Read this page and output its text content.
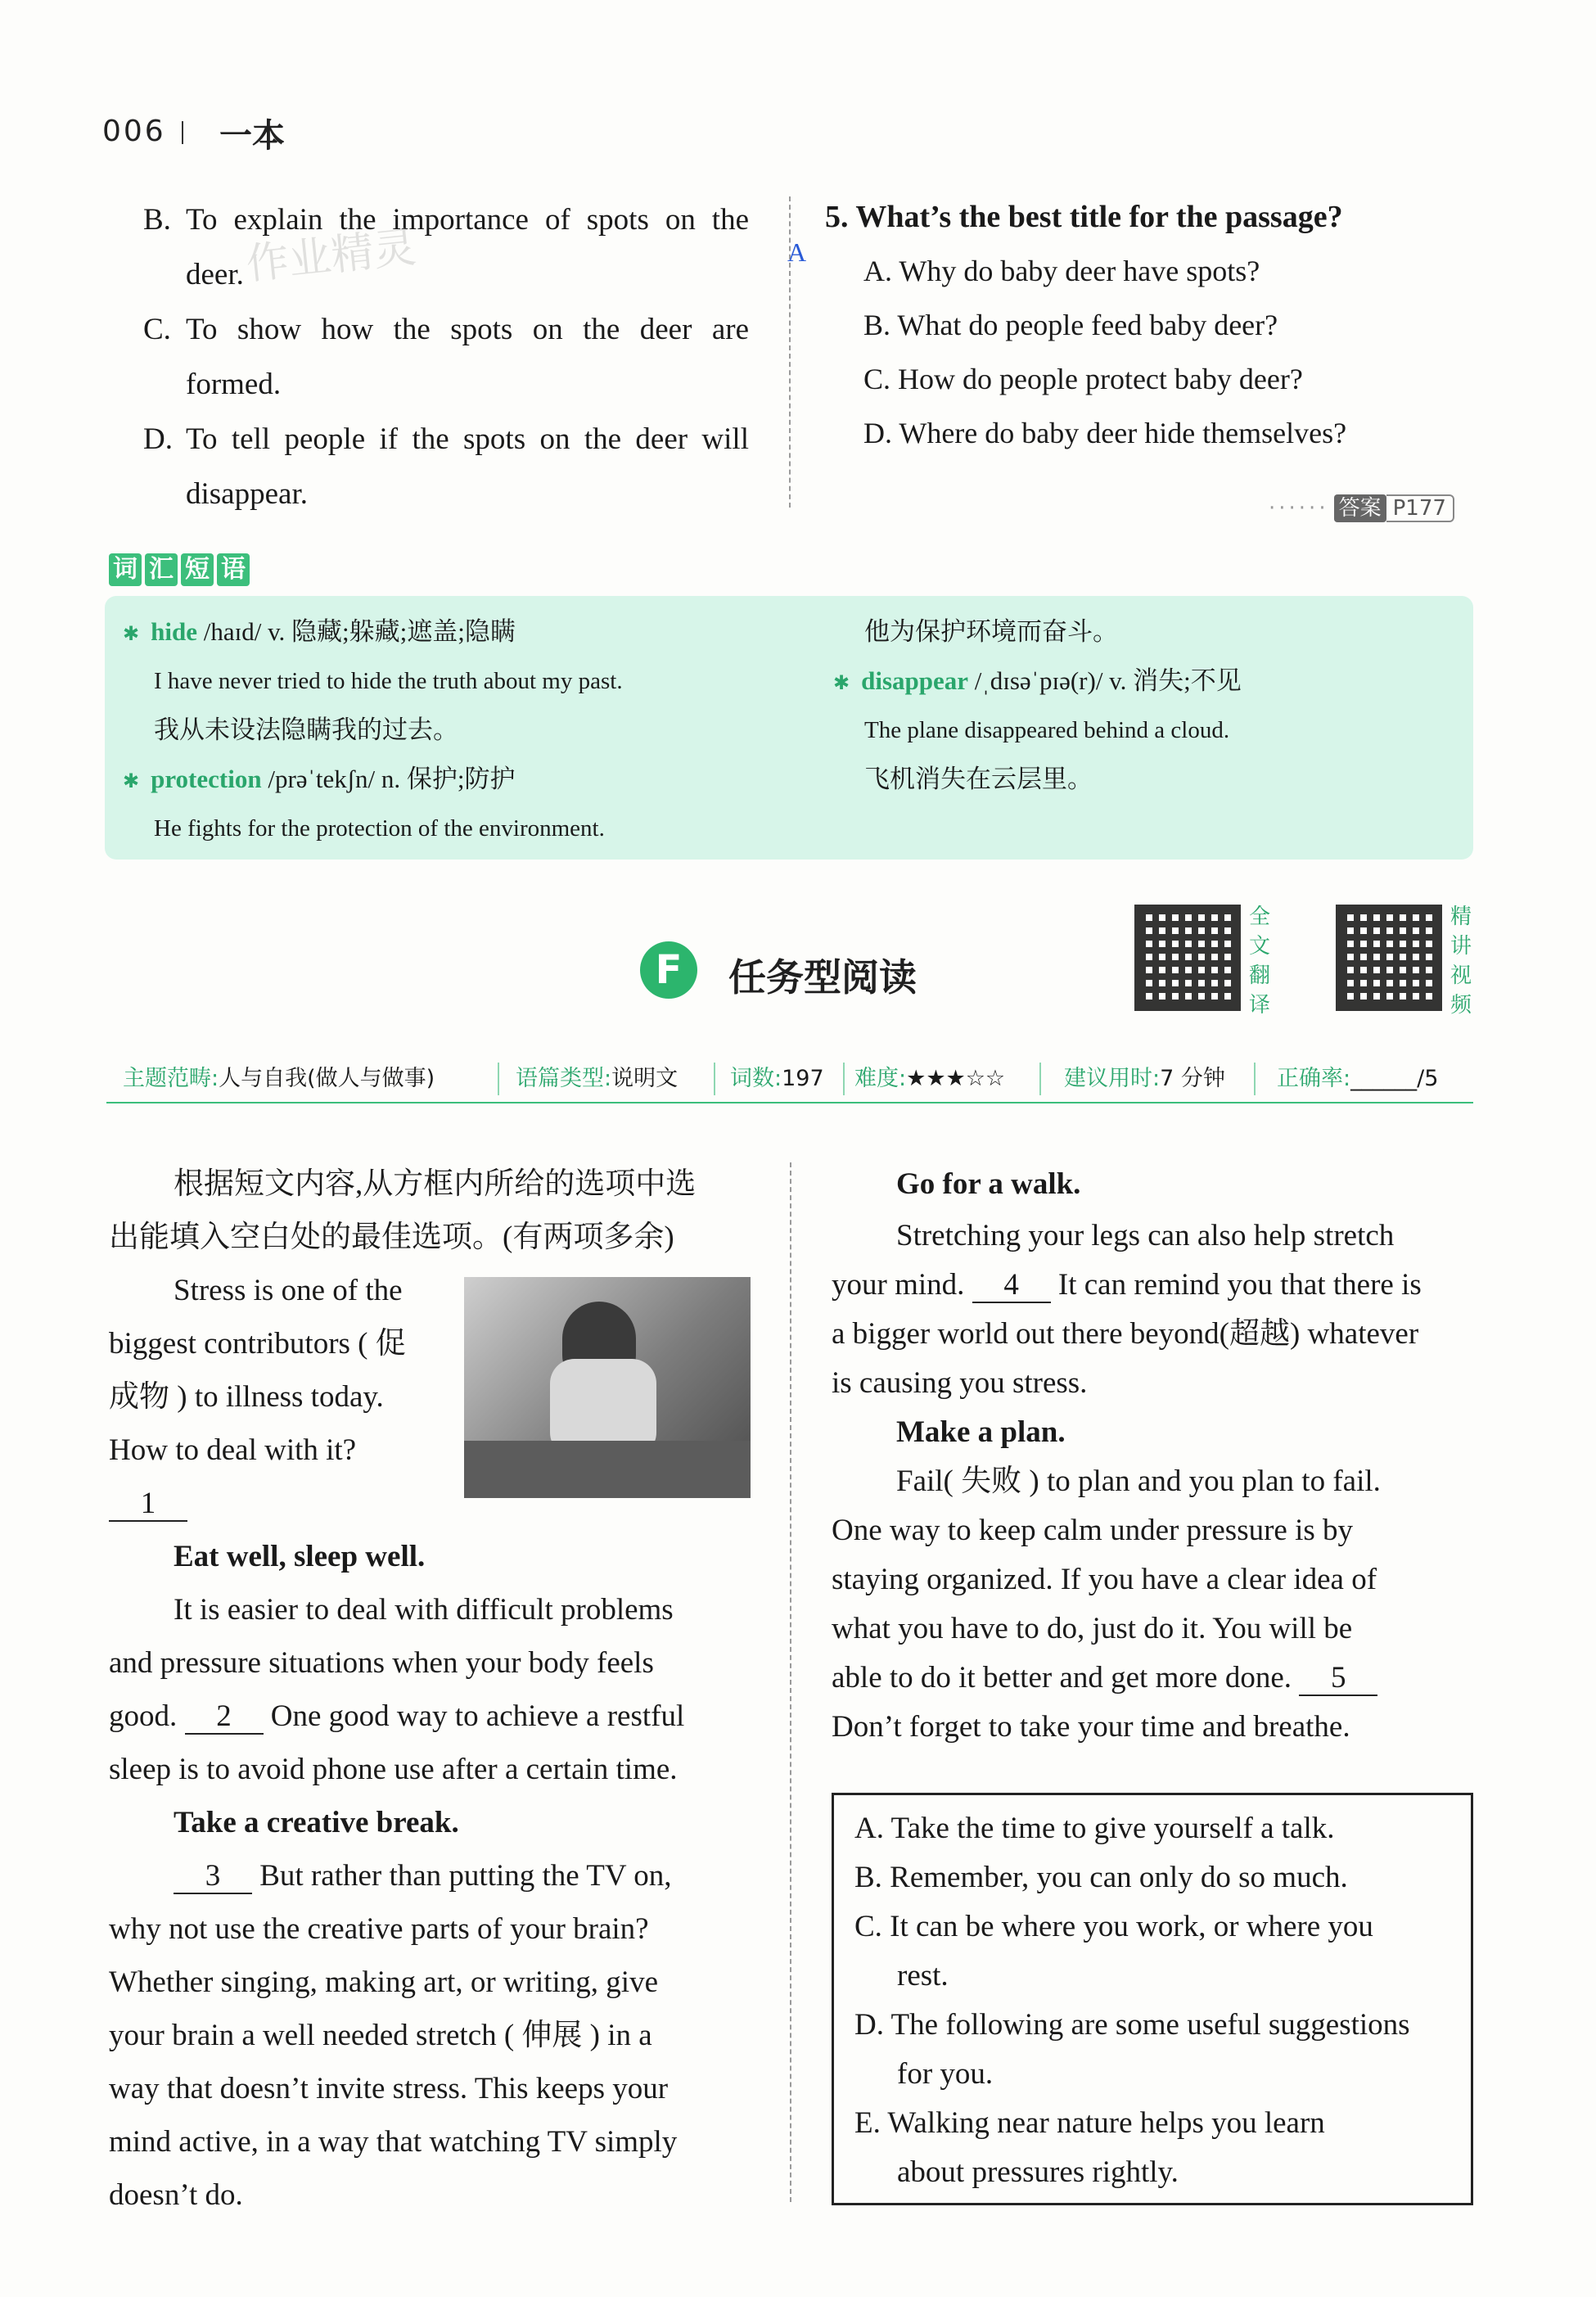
006 一本
B. To explain the importance of spots on the
deer.
C. To show how the spots on the deer are
formed.
D. To tell people if the spots on the deer will
disappear.
A
5. What’s the best title for the passage?
A. Why do baby deer have spots?
B. What do people feed baby deer?
C. How do people protect baby deer?
D. Where do baby deer hide themselves?
······ 答案 P177
词 汇 短 语
✱ hide /haɪd/ v. 隐藏;躲藏;遮盖;隐瞒
I have never tried to hide the truth about my past.
我从未设法隐瞒我的过去。
✱ protection /prəˈtekʃn/ n. 保护;防护
He fights for the protection of the environment.
他为保护环境而奋斗。
✱ disappear /ˌdɪsəˈpɪə(r)/ v. 消失;不见
The plane disappeared behind a cloud.
飞机消失在云层里。
F	任务型阅读
全
文
翻
译
精
讲
视
频
主题范畴:人与自我(做人与做事)	语篇类型:说明文 词数:197 难度:★★★☆☆	建议用时:7 分钟 正确率:______/5
根据短文内容,从方框内所给的选项中选
出能填入空白处的最佳选项。(有两项多余)
Stress is one of the
biggest contributors ( 促
成物 ) to illness today.
How to deal with it?
1
Eat well, sleep well.
It is easier to deal with difficult problems
and pressure situations when your body feels
good. 2 One good way to achieve a restful
sleep is to avoid phone use after a certain time.
Take a creative break.
3 But rather than putting the TV on,
why not use the creative parts of your brain?
Whether singing, making art, or writing, give
your brain a well needed stretch ( 伸展 ) in a
way that doesn’t invite stress. This keeps your
mind active, in a way that watching TV simply
doesn’t do.
Go for a walk.
Stretching your legs can also help stretch
your mind. 4 It can remind you that there is
a bigger world out there beyond(超越) whatever
is causing you stress.
Make a plan.
Fail( 失败 ) to plan and you plan to fail.
One way to keep calm under pressure is by
staying organized. If you have a clear idea of
what you have to do, just do it. You will be
able to do it better and get more done. 5
Don’t forget to take your time and breathe.
A. Take the time to give yourself a talk.
B. Remember, you can only do so much.
C. It can be where you work, or where you
rest.
D. The following are some useful suggestions
for you.
E. Walking near nature helps you learn
about pressures rightly.
作业精灵
